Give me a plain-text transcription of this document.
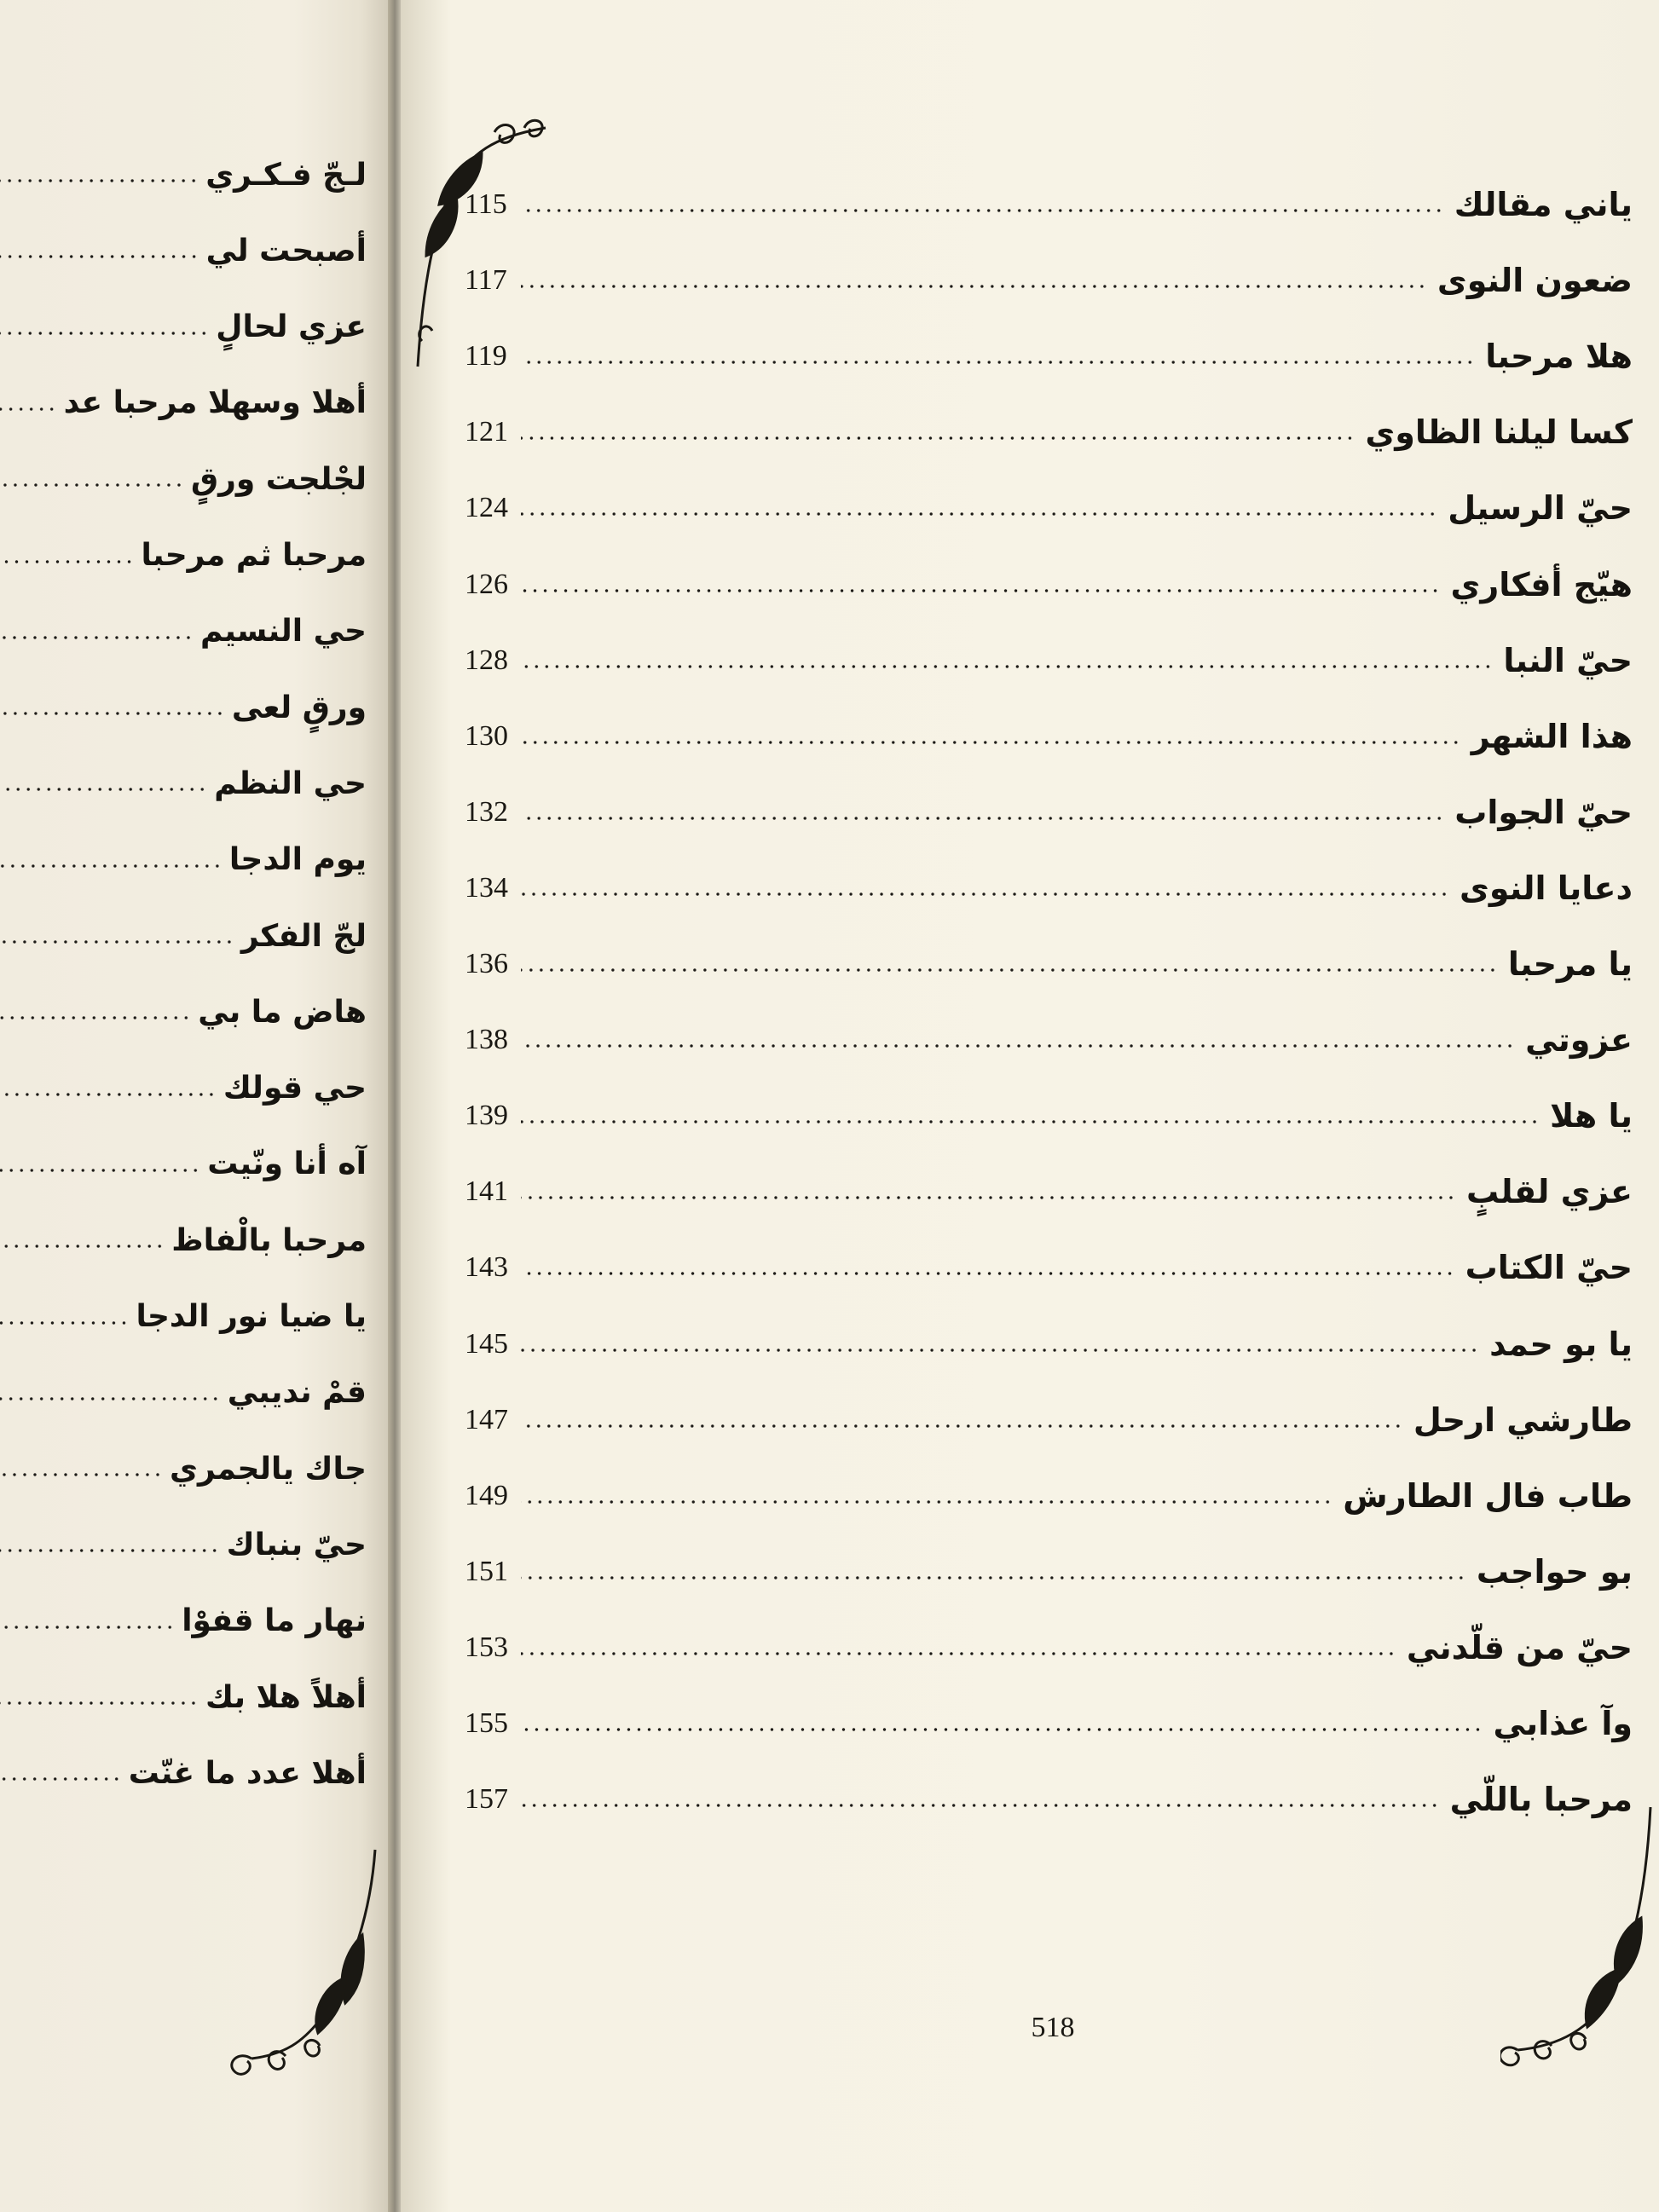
لـجّ فـكـري
أصبحت لي
عزي لحالٍ
أهلا وسهلا مرحبا عد
لجْلجت ورقٍ
مرحبا ثم مرحبا
حي النسيم
ورقٍ لعى
حي النظم
يوم الدجا
لجّ الفكر
هاض ما بي
حي قولك
آه أنا ونّيت
مرحبا بالْفاظ
يا ضيا نور الدجا
قمْ نديبي
جاك يالجمري
حيّ بنباك
نهار ما قفوْا
أهلاً هلا بك
أهلا عدد ما غنّت
ياني مقالك
115
ضعون النوى
117
هلا مرحبا
119
كسا ليلنا الظاوي
121
حيّ الرسيل
124
هيّج أفكاري
126
حيّ النبا
128
هذا الشهر
130
حيّ الجواب
132
دعايا النوى
134
يا مرحبا
136
عزوتي
138
يا هلا
139
عزي لقلبٍ
141
حيّ الكتاب
143
يا بو حمد
145
طارشي ارحل
147
طاب فال الطارش
149
بو حواجب
151
حيّ من قلّدني
153
وآ عذابي
155
مرحبا باللّي
157
518
